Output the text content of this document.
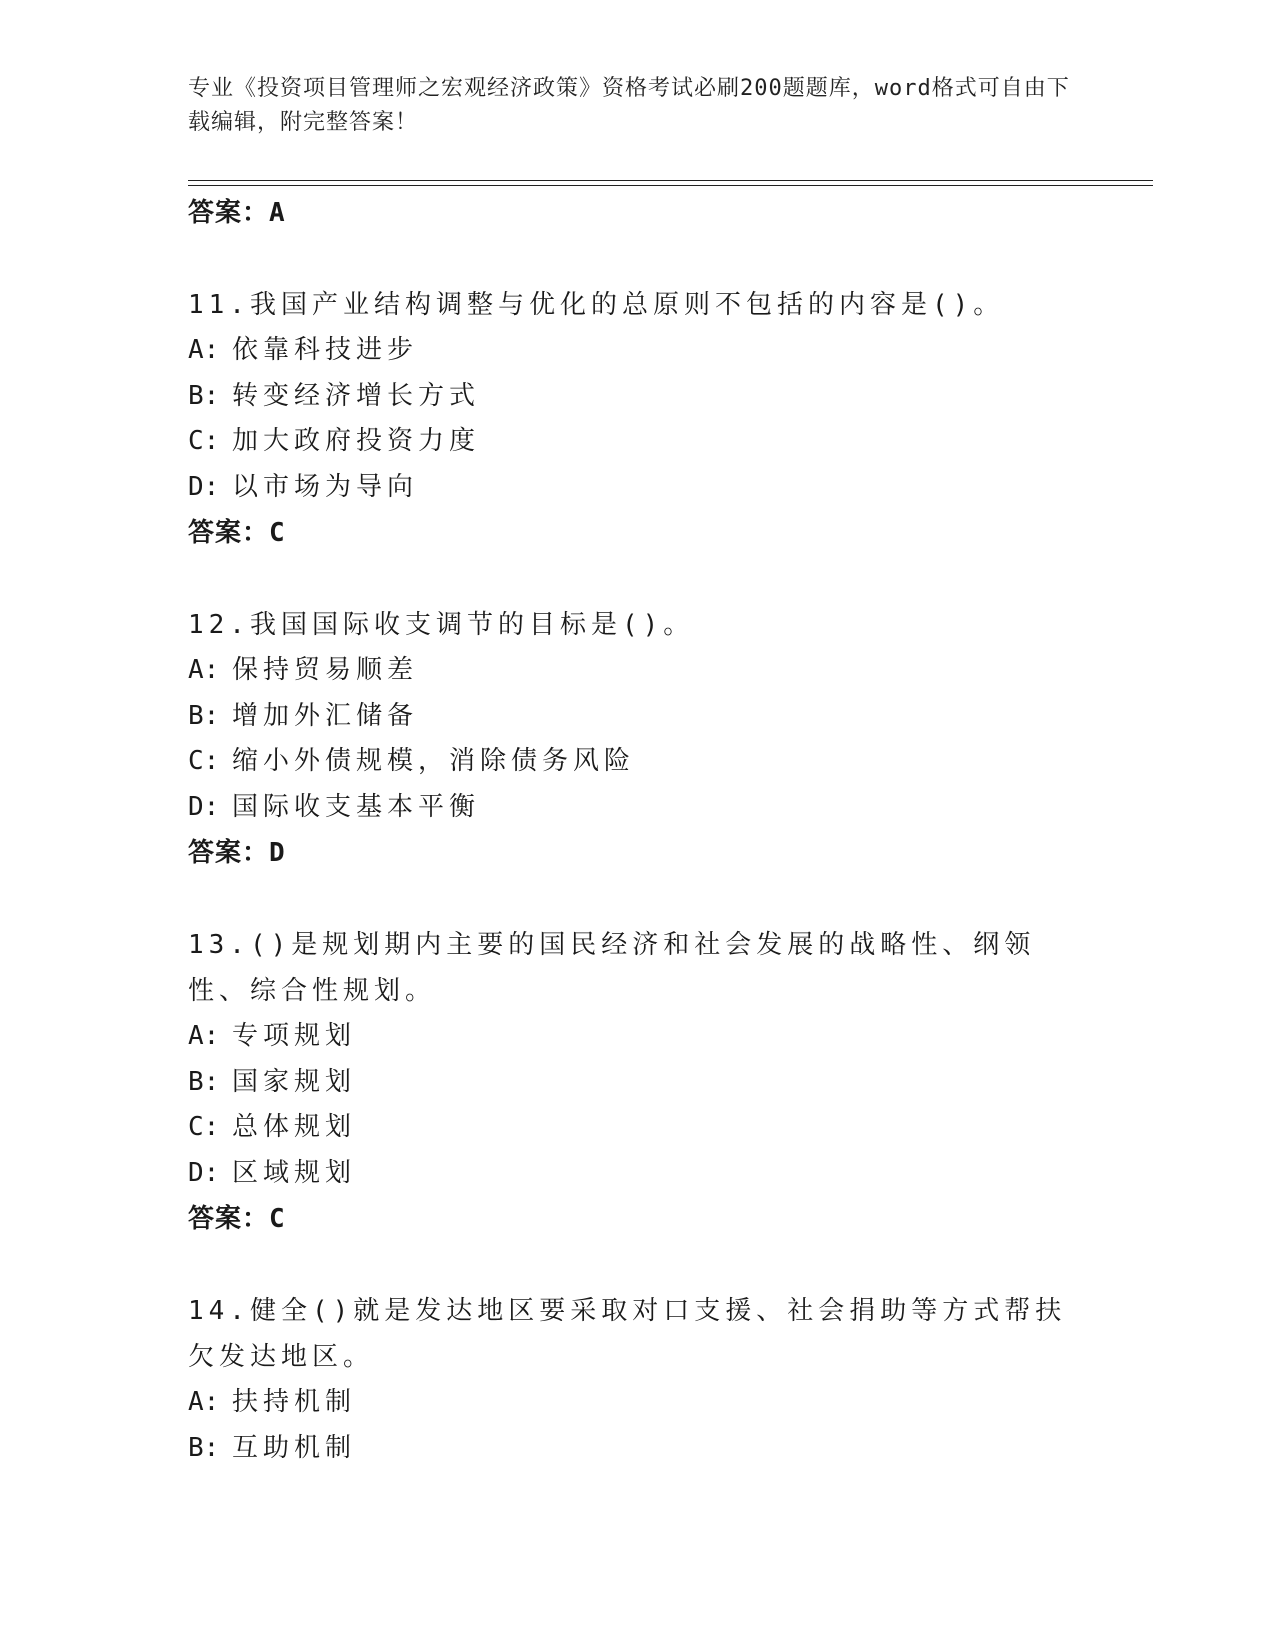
专业《投资项目管理师之宏观经济政策》资格考试必刷200题题库，word格式可自由下载编辑，附完整答案！
答案：A
11.我国产业结构调整与优化的总原则不包括的内容是()。
A: 依靠科技进步
B: 转变经济增长方式
C: 加大政府投资力度
D: 以市场为导向
答案：C
12.我国国际收支调节的目标是()。
A: 保持贸易顺差
B: 增加外汇储备
C: 缩小外债规模，消除债务风险
D: 国际收支基本平衡
答案：D
13.()是规划期内主要的国民经济和社会发展的战略性、纲领性、综合性规划。
A: 专项规划
B: 国家规划
C: 总体规划
D: 区域规划
答案：C
14.健全()就是发达地区要采取对口支援、社会捐助等方式帮扶欠发达地区。
A: 扶持机制
B: 互助机制
